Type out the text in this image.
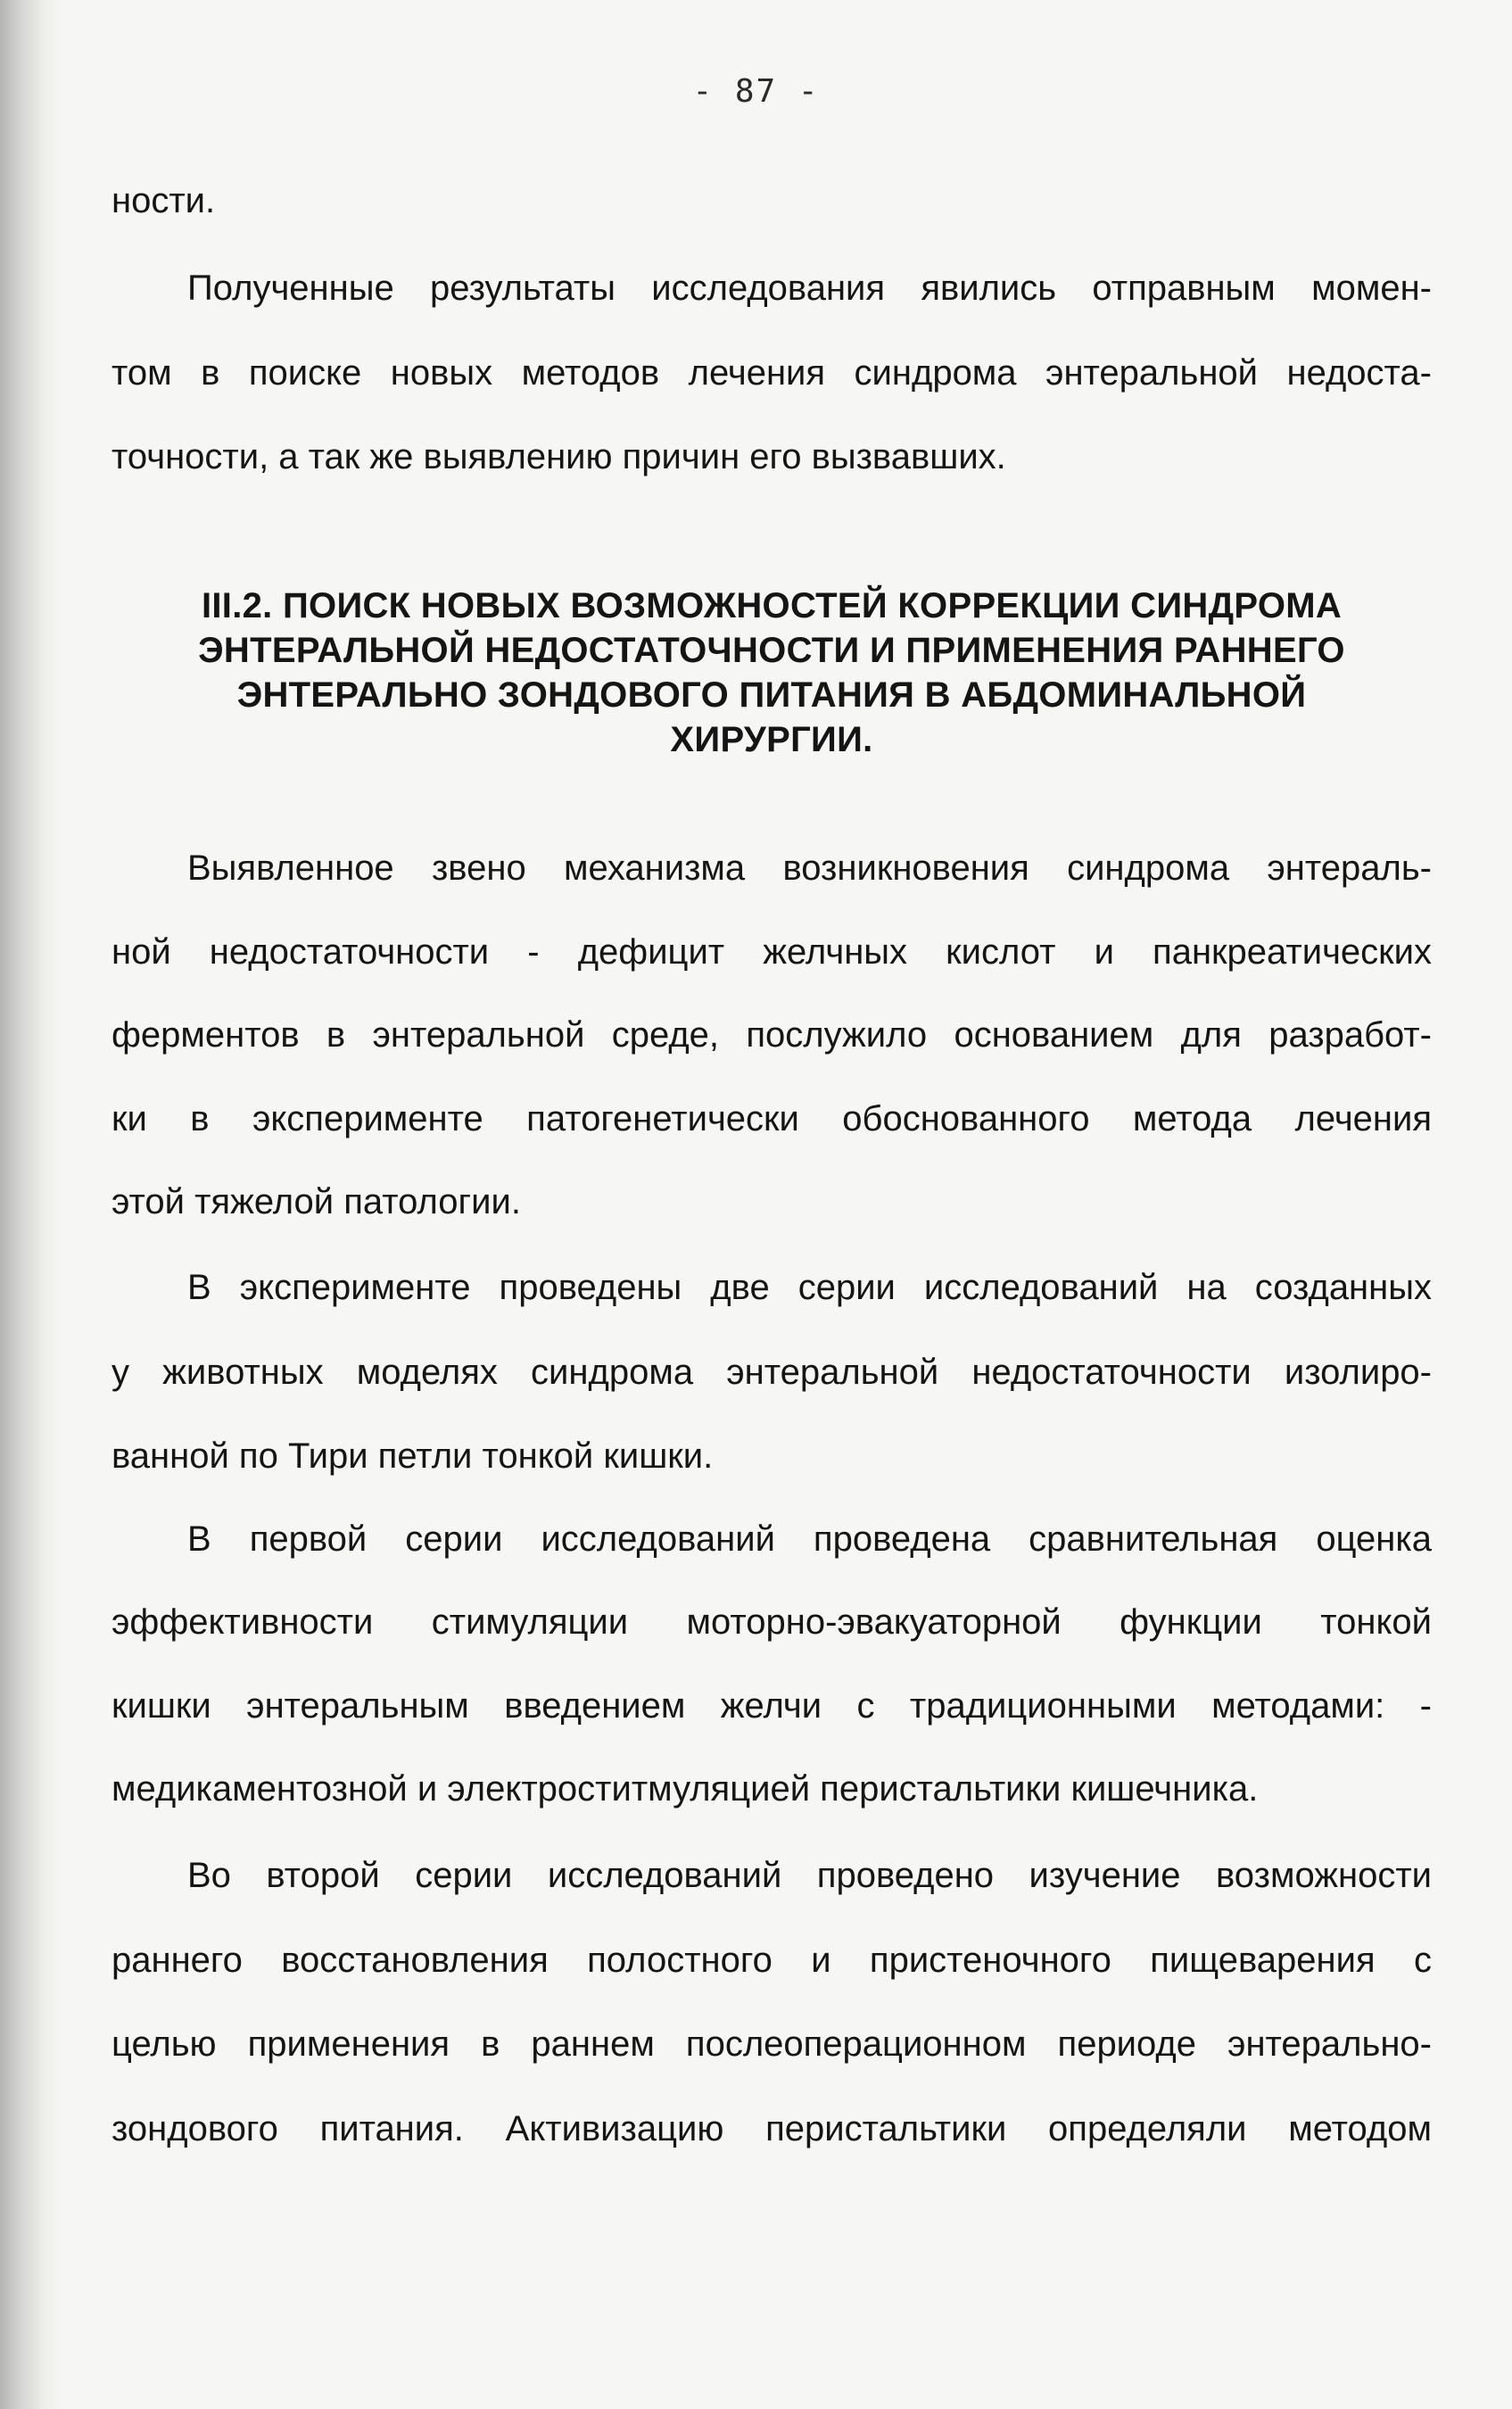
- 87 -
ности.
Полученные результаты исследования явились отправным момен-
том в поиске новых методов лечения синдрома энтеральной недоста-
точности, а так же выявлению причин его вызвавших.
III.2. ПОИСК НОВЫХ ВОЗМОЖНОСТЕЙ КОРРЕКЦИИ СИНДРОМА
ЭНТЕРАЛЬНОЙ НЕДОСТАТОЧНОСТИ И ПРИМЕНЕНИЯ РАННЕГО
ЭНТЕРАЛЬНО ЗОНДОВОГО ПИТАНИЯ В АБДОМИНАЛЬНОЙ
ХИРУРГИИ.
Выявленное звено механизма возникновения синдрома энтераль-
ной недостаточности - дефицит желчных кислот и панкреатических
ферментов в энтеральной среде, послужило основанием для разработ-
ки в эксперименте патогенетически обоснованного метода лечения
этой тяжелой патологии.
В эксперименте проведены две серии исследований на созданных
у животных моделях синдрома энтеральной недостаточности изолиро-
ванной по Тири петли тонкой кишки.
В первой серии исследований проведена сравнительная оценка
эффективности стимуляции моторно-эвакуаторной функции тонкой
кишки энтеральным введением желчи с традиционными методами: -
медикаментозной и электроститмуляцией перистальтики кишечника.
Во второй серии исследований проведено изучение возможности
раннего восстановления полостного и пристеночного пищеварения с
целью применения в раннем послеоперационном периоде энтерально-
зондового питания. Активизацию перистальтики определяли методом
